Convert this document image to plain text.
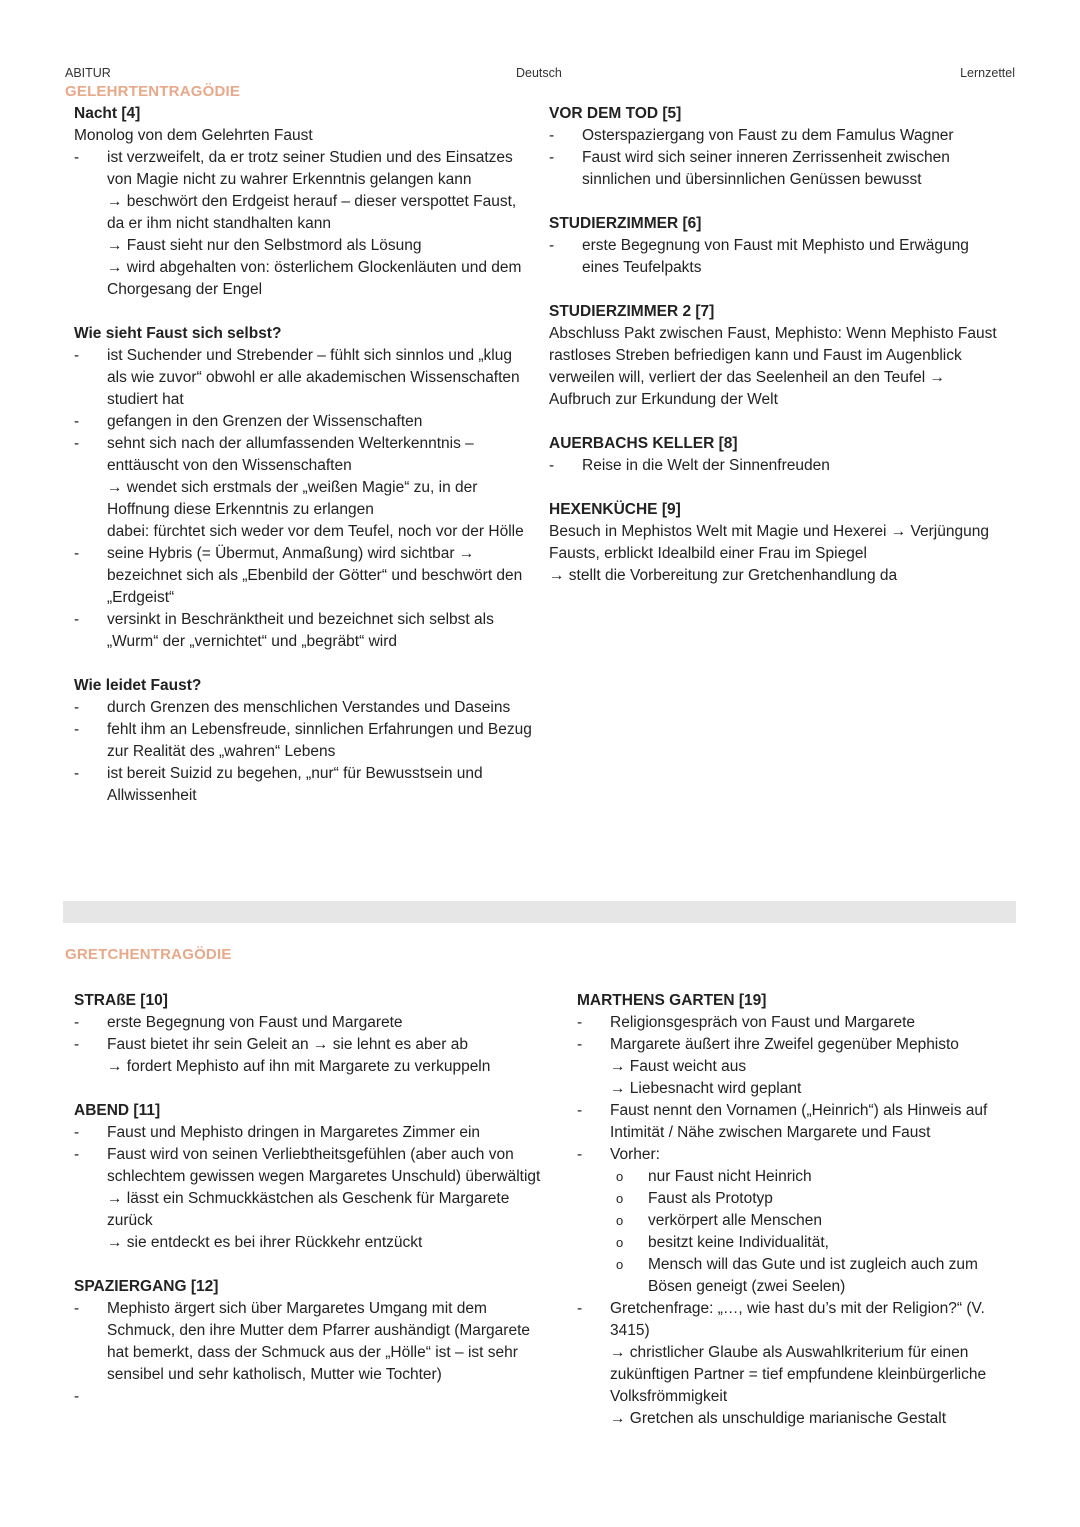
ABITUR	Deutsch	Lernzettel
GELEHRTENTRAGÖDIE
Nacht [4]
Monolog von dem Gelehrten Faust
- ist verzweifelt, da er trotz seiner Studien und des Einsatzes von Magie nicht zu wahrer Erkenntnis gelangen kann
→ beschwört den Erdgeist herauf – dieser verspottet Faust, da er ihm nicht standhalten kann
→ Faust sieht nur den Selbstmord als Lösung
→ wird abgehalten von: österlichem Glockenläuten und dem Chorgesang der Engel
Wie sieht Faust sich selbst?
- ist Suchender und Strebender – fühlt sich sinnlos und „klug als wie zuvor“ obwohl er alle akademischen Wissenschaften studiert hat
- gefangen in den Grenzen der Wissenschaften
- sehnt sich nach der allumfassenden Welterkenntnis – enttäuscht von den Wissenschaften
→ wendet sich erstmals der „weißen Magie“ zu, in der Hoffnung diese Erkenntnis zu erlangen
dabei: fürchtet sich weder vor dem Teufel, noch vor der Hölle
- seine Hybris (= Übermut, Anmaßung) wird sichtbar → bezeichnet sich als „Ebenbild der Götter“ und beschwört den „Erdgeist“
- versinkt in Beschränktheit und bezeichnet sich selbst als „Wurm“ der „vernichtet“ und „begräbt“ wird
Wie leidet Faust?
- durch Grenzen des menschlichen Verstandes und Daseins
- fehlt ihm an Lebensfreude, sinnlichen Erfahrungen und Bezug zur Realität des „wahren“ Lebens
- ist bereit Suizid zu begehen, „nur“ für Bewusstsein und Allwissenheit
VOR DEM TOD [5]
- Osterspaziergang von Faust zu dem Famulus Wagner
- Faust wird sich seiner inneren Zerrissenheit zwischen sinnlichen und übersinnlichen Genüssen bewusst
STUDIERZIMMER [6]
- erste Begegnung von Faust mit Mephisto und Erwägung eines Teufelpakts
STUDIERZIMMER 2 [7]
Abschluss Pakt zwischen Faust, Mephisto: Wenn Mephisto Faust rastloses Streben befriedigen kann und Faust im Augenblick verweilen will, verliert der das Seelenheil an den Teufel → Aufbruch zur Erkundung der Welt
AUERBACHS KELLER [8]
- Reise in die Welt der Sinnenfreuden
HEXENKÜCHE [9]
Besuch in Mephistos Welt mit Magie und Hexerei → Verjüngung Fausts, erblickt Idealbild einer Frau im Spiegel
→ stellt die Vorbereitung zur Gretchenhandlung da
GRETCHENTRAGÖDIE
STRAßE [10]
- erste Begegnung von Faust und Margarete
- Faust bietet ihr sein Geleit an → sie lehnt es aber ab
→ fordert Mephisto auf ihn mit Margarete zu verkuppeln
ABEND [11]
- Faust und Mephisto dringen in Margaretes Zimmer ein
- Faust wird von seinen Verliebtheitsgefühlen (aber auch von schlechtem gewissen wegen Margaretes Unschuld) überwältigt
→ lässt ein Schmuckkästchen als Geschenk für Margarete zurück
→ sie entdeckt es bei ihrer Rückkehr entzückt
SPAZIERGANG [12]
- Mephisto ärgert sich über Margaretes Umgang mit dem Schmuck, den ihre Mutter dem Pfarrer aushändigt (Margarete hat bemerkt, dass der Schmuck aus der „Hölle“ ist – ist sehr sensibel und sehr katholisch, Mutter wie Tochter)
-

MARTHENS GARTEN [19]
- Religionsgespräch von Faust und Margarete
- Margarete äußert ihre Zweifel gegenüber Mephisto
→ Faust weicht aus
→ Liebesnacht wird geplant
- Faust nennt den Vornamen („Heinrich“) als Hinweis auf Intimität / Nähe zwischen Margarete und Faust
- Vorher:
o nur Faust nicht Heinrich
o Faust als Prototyp
o verkörpert alle Menschen
o besitzt keine Individualität,
o Mensch will das Gute und ist zugleich auch zum Bösen geneigt (zwei Seelen)
- Gretchenfrage: „…, wie hast du’s mit der Religion?“ (V. 3415)
→ christlicher Glaube als Auswahlkriterium für einen zukünftigen Partner = tief empfundene kleinbürgerliche Volksfrömmigkeit
→ Gretchen als unschuldige marianische Gestalt
